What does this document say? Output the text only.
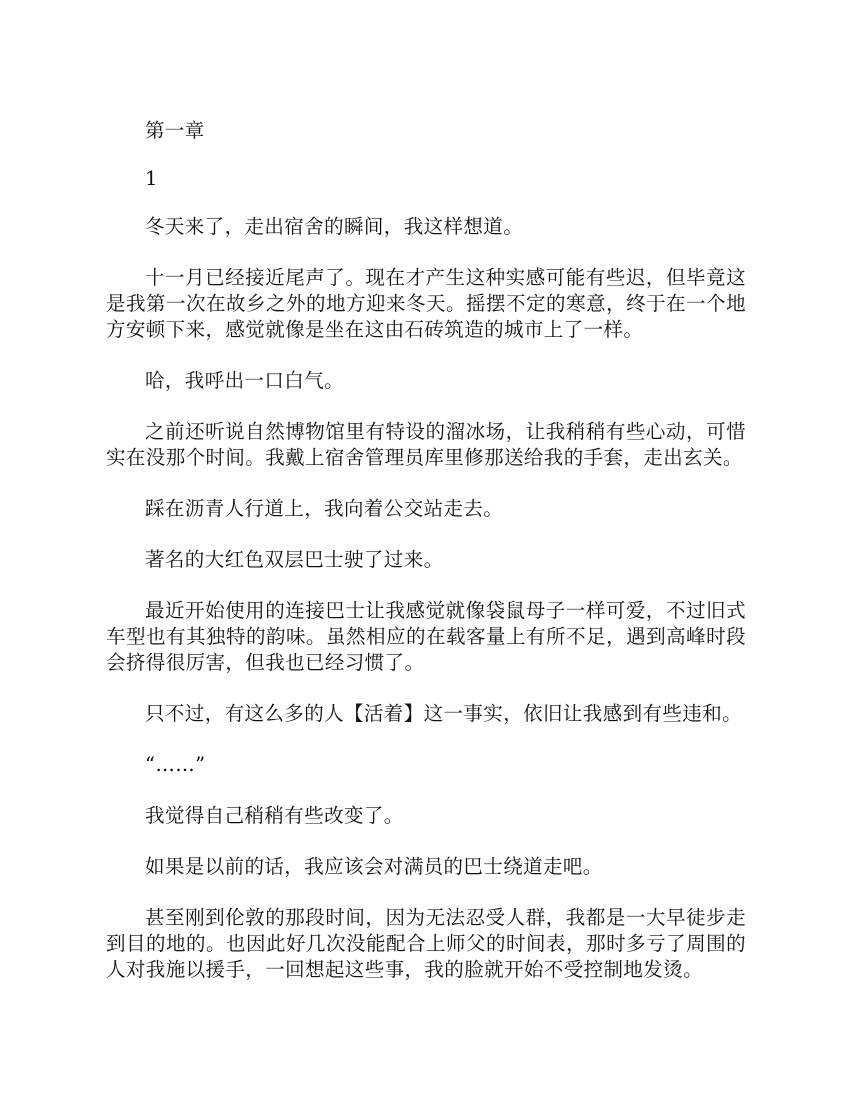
第一章

1

冬天来了，走出宿舍的瞬间，我这样想道。

十一月已经接近尾声了。现在才产生这种实感可能有些迟，但毕竟这是我第一次在故乡之外的地方迎来冬天。摇摆不定的寒意，终于在一个地方安顿下来，感觉就像是坐在这由石砖筑造的城市上了一样。

哈，我呼出一口白气。

之前还听说自然博物馆里有特设的溜冰场，让我稍稍有些心动，可惜实在没那个时间。我戴上宿舍管理员库里修那送给我的手套，走出玄关。

踩在沥青人行道上，我向着公交站走去。

著名的大红色双层巴士驶了过来。

最近开始使用的连接巴士让我感觉就像袋鼠母子一样可爱，不过旧式车型也有其独特的韵味。虽然相应的在载客量上有所不足，遇到高峰时段会挤得很厉害，但我也已经习惯了。

只不过，有这么多的人【活着】这一事实，依旧让我感到有些违和。

“……”

我觉得自己稍稍有些改变了。

如果是以前的话，我应该会对满员的巴士绕道走吧。

甚至刚到伦敦的那段时间，因为无法忍受人群，我都是一大早徒步走到目的地的。也因此好几次没能配合上师父的时间表，那时多亏了周围的人对我施以援手，一回想起这些事，我的脸就开始不受控制地发烫。
